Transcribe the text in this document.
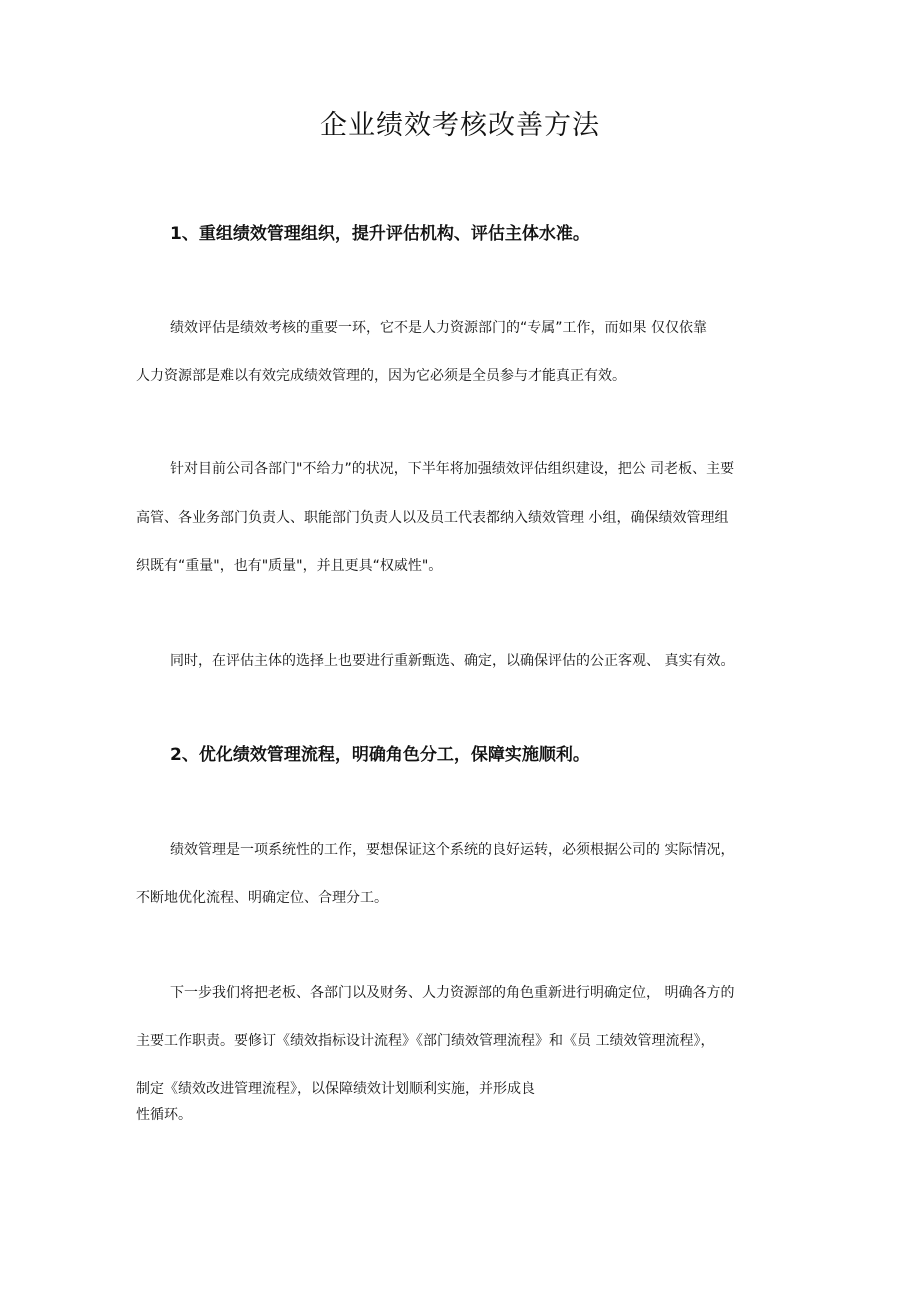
企业绩效考核改善方法
1、重组绩效管理组织，提升评估机构、评估主体水准。

绩效评估是绩效考核的重要一环，它不是人力资源部门的“专属”工作，而如果 仅仅依靠

人力资源部是难以有效完成绩效管理的，因为它必须是全员参与才能真正有效。

针对目前公司各部门"不给力”的状况，下半年将加强绩效评估组织建设，把公 司老板、主要

高管、各业务部门负责人、职能部门负责人以及员工代表都纳入绩效管理 小组，确保绩效管理组

织既有“重量"，也有"质量"，并且更具“权威性"。

同时，在评估主体的选择上也要进行重新甄选、确定，以确保评估的公正客观、 真实有效。

2、优化绩效管理流程，明确角色分工，保障实施顺利。

绩效管理是一项系统性的工作，要想保证这个系统的良好运转，必须根据公司的 实际情况，

不断地优化流程、明确定位、合理分工。

下一步我们将把老板、各部门以及财务、人力资源部的角色重新进行明确定位， 明确各方的

主要工作职责。要修订《绩效指标设计流程》《部门绩效管理流程》和《员 工绩效管理流程》，

制定《绩效改进管理流程》，以保障绩效计划顺利实施，并形成良

性循环。
